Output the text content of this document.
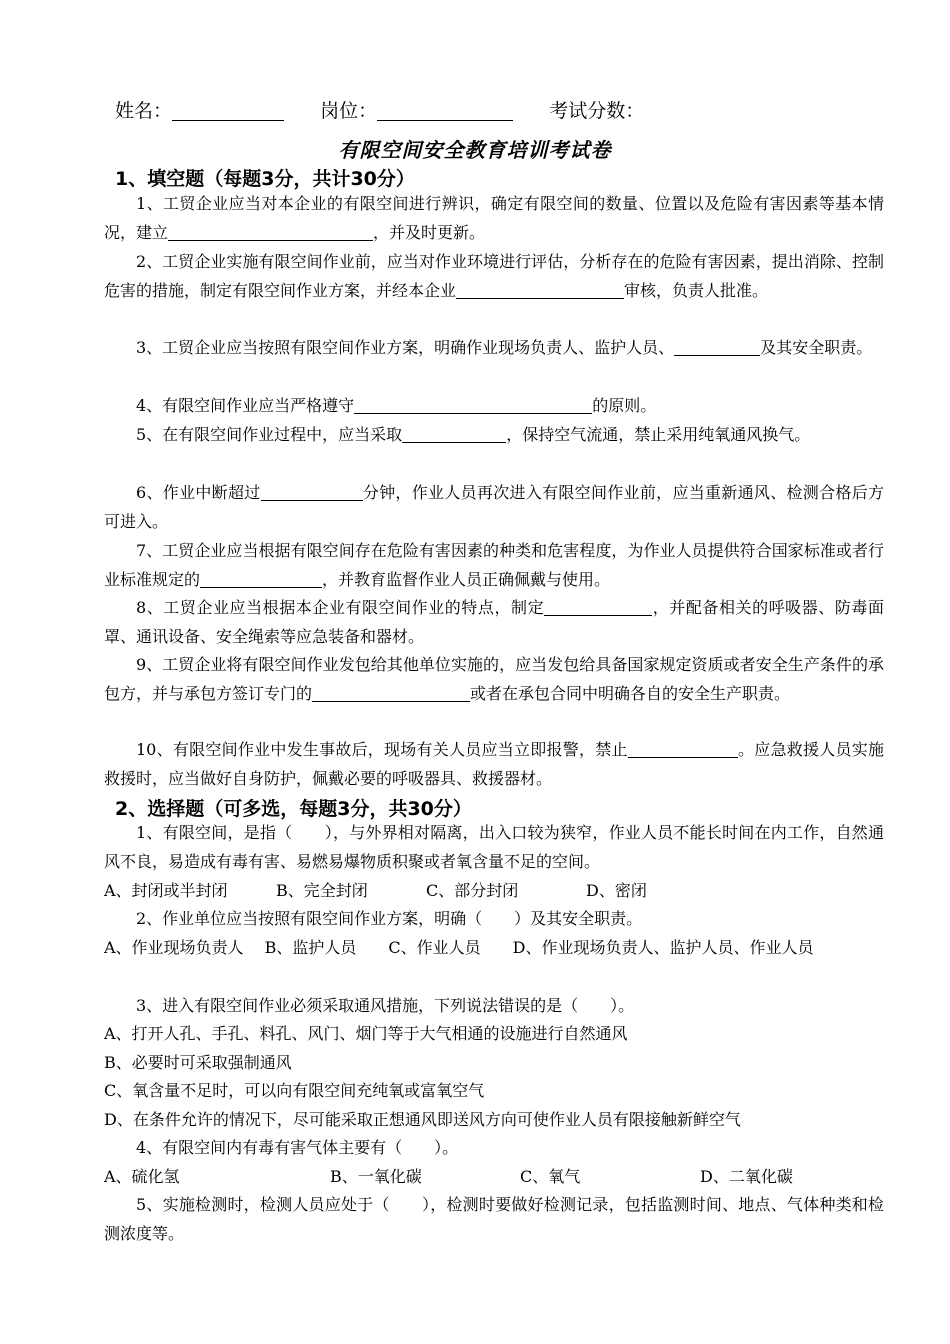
姓名：	岗位：	考试分数：
有限空间安全教育培训考试卷
1、填空题（每题3分，共计30分）

1、工贸企业应当对本企业的有限空间进行辨识，确定有限空间的数量、位置以及危险有害因素等基本情况，建立	，并及时更新。

2、工贸企业实施有限空间作业前，应当对作业环境进行评估，分析存在的危险有害因素，提出消除、控制危害的措施，制定有限空间作业方案，并经本企业	审核，负责人批准。

3、工贸企业应当按照有限空间作业方案，明确作业现场负责人、监护人员、	及其安全职责。

4、有限空间作业应当严格遵守	的原则。

5、在有限空间作业过程中，应当采取	，保持空气流通，禁止采用纯氧通风换气。

6、作业中断超过	分钟，作业人员再次进入有限空间作业前，应当重新通风、检测合格后方可进入。

7、工贸企业应当根据有限空间存在危险有害因素的种类和危害程度，为作业人员提供符合国家标准或者行业标准规定的	，并教育监督作业人员正确佩戴与使用。

8、工贸企业应当根据本企业有限空间作业的特点，制定	，并配备相关的呼吸器、防毒面罩、通讯设备、安全绳索等应急装备和器材。

9、工贸企业将有限空间作业发包给其他单位实施的，应当发包给具备国家规定资质或者安全生产条件的承包方，并与承包方签订专门的	或者在承包合同中明确各自的安全生产职责。

10、有限空间作业中发生事故后，现场有关人员应当立即报警，禁止	。应急救援人员实施救援时，应当做好自身防护，佩戴必要的呼吸器具、救援器材。

2、选择题（可多选，每题3分，共30分）

1、有限空间，是指（　　），与外界相对隔离，出入口较为狭窄，作业人员不能长时间在内工作，自然通风不良，易造成有毒有害、易燃易爆物质积聚或者氧含量不足的空间。

A、封闭或半封闭	B、完全封闭	C、部分封闭	D、密闭

2、作业单位应当按照有限空间作业方案，明确（　　）及其安全职责。

A、作业现场负责人　 B、监护人员　　C、作业人员　　D、作业现场负责人、监护人员、作业人员

3、进入有限空间作业必须采取通风措施，下列说法错误的是（　　）。

A、打开人孔、手孔、料孔、风门、烟门等于大气相通的设施进行自然通风

B、必要时可采取强制通风

C、氧含量不足时，可以向有限空间充纯氧或富氧空气

D、在条件允许的情况下，尽可能采取正想通风即送风方向可使作业人员有限接触新鲜空气

4、有限空间内有毒有害气体主要有（　　）。

A、硫化氢	B、一氧化碳	C、氧气	D、二氧化碳

5、实施检测时，检测人员应处于（　　），检测时要做好检测记录，包括监测时间、地点、气体种类和检测浓度等。
